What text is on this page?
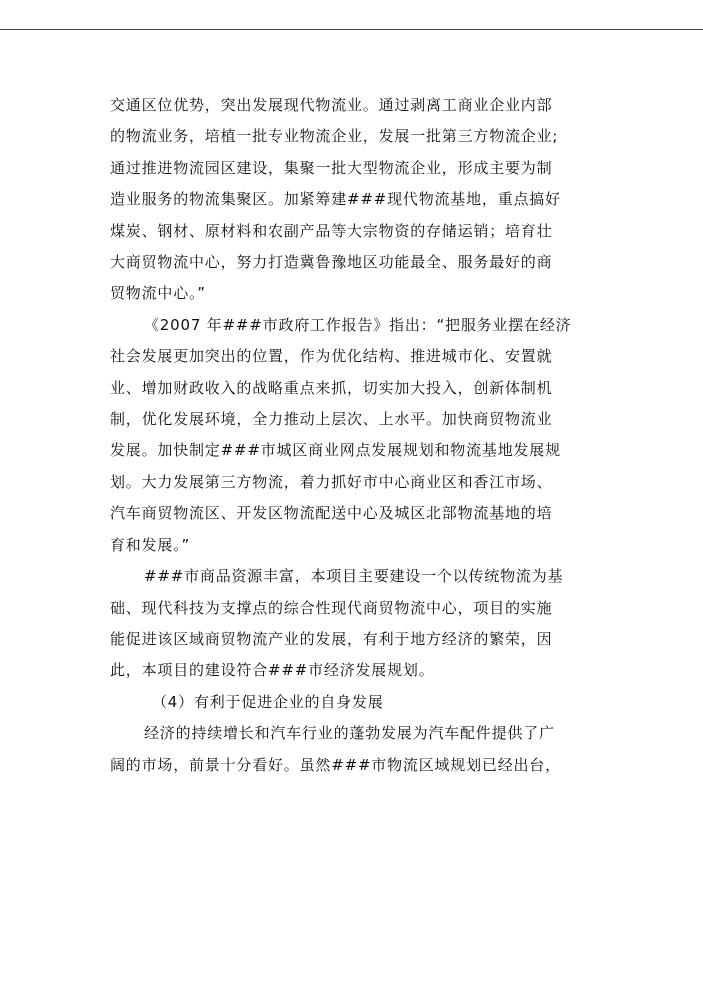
交通区位优势，突出发展现代物流业。通过剥离工商业企业内部
的物流业务，培植一批专业物流企业，发展一批第三方物流企业;
通过推进物流园区建设，集聚一批大型物流企业，形成主要为制
造业服务的物流集聚区。加紧筹建###现代物流基地，重点搞好
煤炭、钢材、原材料和农副产品等大宗物资的存储运销；培育壮
大商贸物流中心，努力打造冀鲁豫地区功能最全、服务最好的商
贸物流中心。”

《2007 年###市政府工作报告》指出：“把服务业摆在经济
社会发展更加突出的位置，作为优化结构、推进城市化、安置就
业、增加财政收入的战略重点来抓，切实加大投入，创新体制机
制，优化发展环境，全力推动上层次、上水平。加快商贸物流业
发展。加快制定###市城区商业网点发展规划和物流基地发展规
划。大力发展第三方物流，着力抓好市中心商业区和香江市场、
汽车商贸物流区、开发区物流配送中心及城区北部物流基地的培
育和发展。”

###市商品资源丰富，本项目主要建设一个以传统物流为基
础、现代科技为支撑点的综合性现代商贸物流中心，项目的实施
能促进该区域商贸物流产业的发展，有利于地方经济的繁荣，因
此，本项目的建设符合###市经济发展规划。

（4）有利于促进企业的自身发展

经济的持续增长和汽车行业的蓬勃发展为汽车配件提供了广
阔的市场，前景十分看好。虽然###市物流区域规划已经出台，
